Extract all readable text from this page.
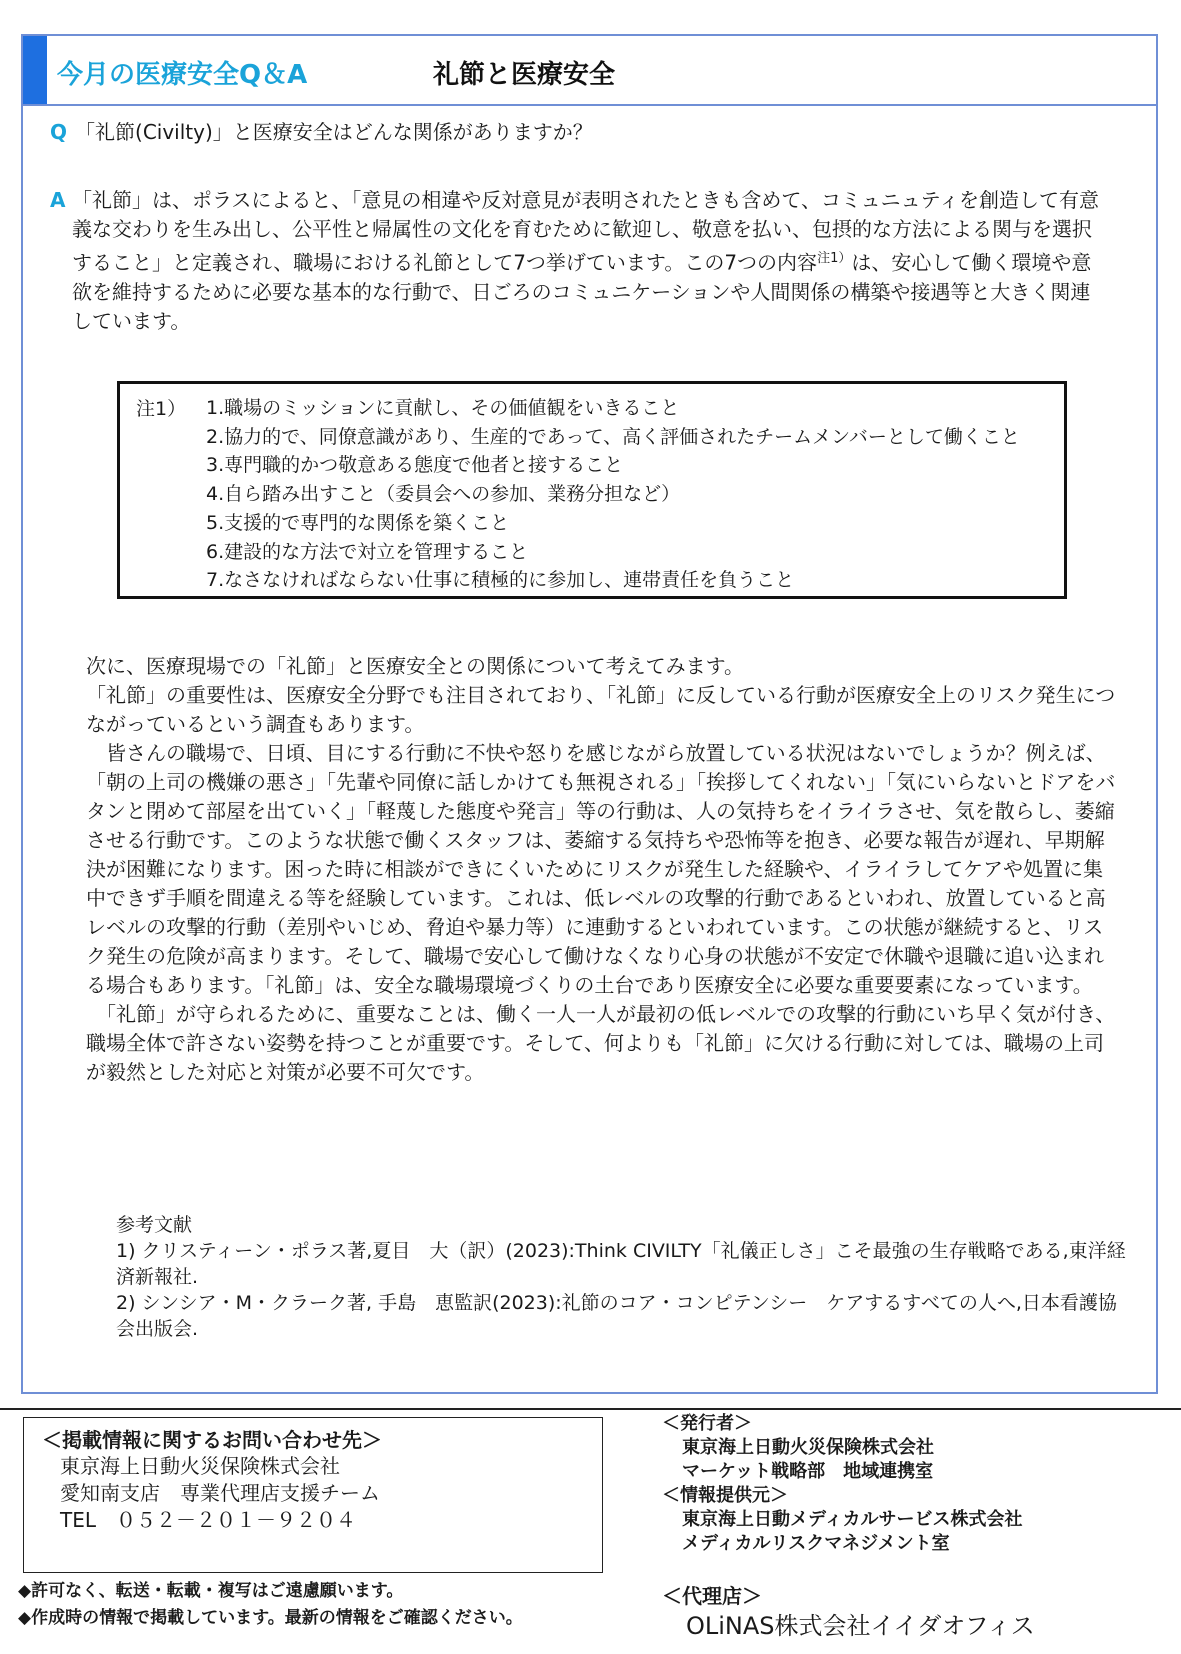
今月の医療安全Q＆A	礼節と医療安全
Q 「礼節(Civilty)」と医療安全はどんな関係がありますか？
A 「礼節」は、ポラスによると、「意見の相違や反対意見が表明されたときも含めて、コミュニュティを創造して有意義な交わりを生み出し、公平性と帰属性の文化を育むために歓迎し、敬意を払い、包摂的な方法による関与を選択すること」と定義され、職場における礼節として7つ挙げています。この7つの内容$^{注1)}$は、安心して働く環境や意欲を維持するために必要な基本的な行動で、日ごろのコミュニケーションや人間関係の構築や接遇等と大きく関連しています。
注1） 1.職場のミッションに貢献し、その価値観をいきること
2.協力的で、同僚意識があり、生産的であって、高く評価されたチームメンバーとして働くこと
3.専門職的かつ敬意ある態度で他者と接すること
4.自ら踏み出すこと（委員会への参加、業務分担など）
5.支援的で専門的な関係を築くこと
6.建設的な方法で対立を管理すること
7.なさなければならない仕事に積極的に参加し、連帯責任を負うこと

次に、医療現場での「礼節」と医療安全との関係について考えてみます。

「礼節」の重要性は、医療安全分野でも注目されており、「礼節」に反している行動が医療安全上のリスク発生につながっているという調査もあります。

　皆さんの職場で、日頃、目にする行動に不快や怒りを感じながら放置している状況はないでしょうか？例えば、「朝の上司の機嫌の悪さ」「先輩や同僚に話しかけても無視される」「挨拶してくれない」「気にいらないとドアをバタンと閉めて部屋を出ていく」「軽蔑した態度や発言」等の行動は、人の気持ちをイライラさせ、気を散らし、萎縮させる行動です。このような状態で働くスタッフは、萎縮する気持ちや恐怖等を抱き、必要な報告が遅れ、早期解決が困難になります。困った時に相談ができにくいためにリスクが発生した経験や、イライラしてケアや処置に集中できず手順を間違える等を経験しています。これは、低レベルの攻撃的行動であるといわれ、放置していると高レベルの攻撃的行動（差別やいじめ、脅迫や暴力等）に連動するといわれています。この状態が継続すると、リスク発生の危険が高まります。そして、職場で安心して働けなくなり心身の状態が不安定で休職や退職に追い込まれる場合もあります。「礼節」は、安全な職場環境づくりの土台であり医療安全に必要な重要要素になっています。

　「礼節」が守られるために、重要なことは、働く一人一人が最初の低レベルでの攻撃的行動にいち早く気が付き、職場全体で許さない姿勢を持つことが重要です。そして、何よりも「礼節」に欠ける行動に対しては、職場の上司が毅然とした対応と対策が必要不可欠です。

参考文献

1) クリスティーン・ポラス著,夏目　大（訳）(2023):Think CIVILTY「礼儀正しさ」こそ最強の生存戦略である,東洋経済新報社.

2) シンシア・M・クラーク著, 手島　恵監訳(2023):礼節のコア・コンピテンシー　ケアするすべての人へ,日本看護協会出版会.

＜掲載情報に関するお問い合わせ先＞
東京海上日動火災保険株式会社
愛知南支店　専業代理店支援チーム
TEL　０５２－２０１－９２０４
◆許可なく、転送・転載・複写はご遠慮願います。
◆作成時の情報で掲載しています。最新の情報をご確認ください。
＜発行者＞
東京海上日動火災保険株式会社
マーケット戦略部　地域連携室
＜情報提供元＞
東京海上日動メディカルサービス株式会社
メディカルリスクマネジメント室
＜代理店＞
OLiNAS株式会社イイダオフィス
